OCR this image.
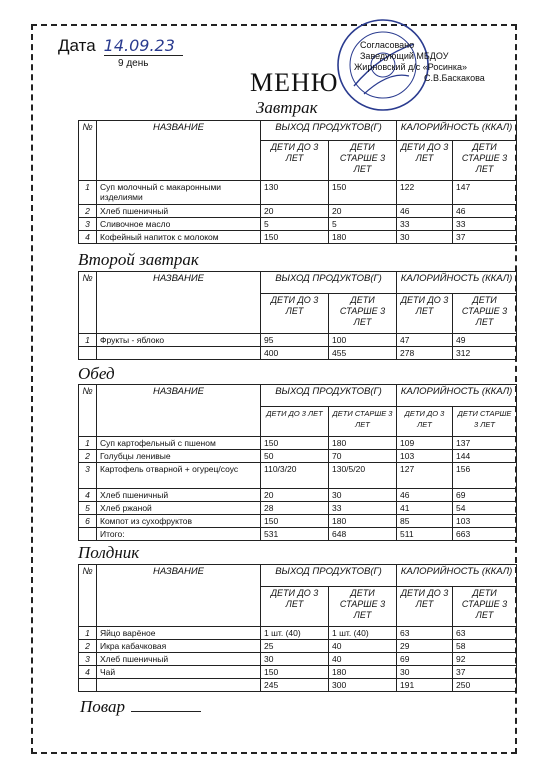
Дата 14.09.23
9 день
Согласовано
Заведующий МБДОУ
Жирновский д/с «Росинка»
С.В.Баскакова
МЕНЮ
Завтрак
№	НАЗВАНИЕ	ВЫХОД ПРОДУКТОВ(Г)		КАЛОРИЙНОСТЬ (ККАЛ)	
		ДЕТИ ДО 3 ЛЕТ	ДЕТИ СТАРШЕ 3 ЛЕТ	ДЕТИ ДО 3 ЛЕТ	ДЕТИ СТАРШЕ 3 ЛЕТ
1	Суп молочный с макаронными изделиями	130	150	122	147
2	Хлеб пшеничный	20	20	46	46
3	Сливочное масло	5	5	33	33
4	Кофейный напиток с молоком	150	180	30	37
Второй завтрак
№	НАЗВАНИЕ	ВЫХОД ПРОДУКТОВ(Г)		КАЛОРИЙНОСТЬ (ККАЛ)	
		ДЕТИ ДО 3 ЛЕТ	ДЕТИ СТАРШЕ 3 ЛЕТ	ДЕТИ ДО 3 ЛЕТ	ДЕТИ СТАРШЕ 3 ЛЕТ
1	Фрукты - яблоко	95	100	47	49
		400	455	278	312
Обед
№	НАЗВАНИЕ	ВЫХОД ПРОДУКТОВ(Г)		КАЛОРИЙНОСТЬ (ККАЛ)	
		ДЕТИ ДО 3 ЛЕТ	ДЕТИ СТАРШЕ 3 ЛЕТ	ДЕТИ ДО 3 ЛЕТ	ДЕТИ СТАРШЕ 3 ЛЕТ
1	Суп картофельный с пшеном	150	180	109	137
2	Голубцы ленивые	50	70	103	144
3	Картофель отварной + огурец/соус	110/3/20	130/5/20	127	156
4	Хлеб пшеничный	20	30	46	69
5	Хлеб ржаной	28	33	41	54
6	Компот из сухофруктов	150	180	85	103
	Итого:	531	648	511	663
Полдник
№	НАЗВАНИЕ	ВЫХОД ПРОДУКТОВ(Г)		КАЛОРИЙНОСТЬ (ККАЛ)	
		ДЕТИ ДО 3 ЛЕТ	ДЕТИ СТАРШЕ 3 ЛЕТ	ДЕТИ ДО 3 ЛЕТ	ДЕТИ СТАРШЕ 3 ЛЕТ
1	Яйцо варёное	1 шт. (40)	1 шт. (40)	63	63
2	Икра кабачковая	25	40	29	58
3	Хлеб пшеничный	30	40	69	92
4	Чай	150	180	30	37
		245	300	191	250
Повар
